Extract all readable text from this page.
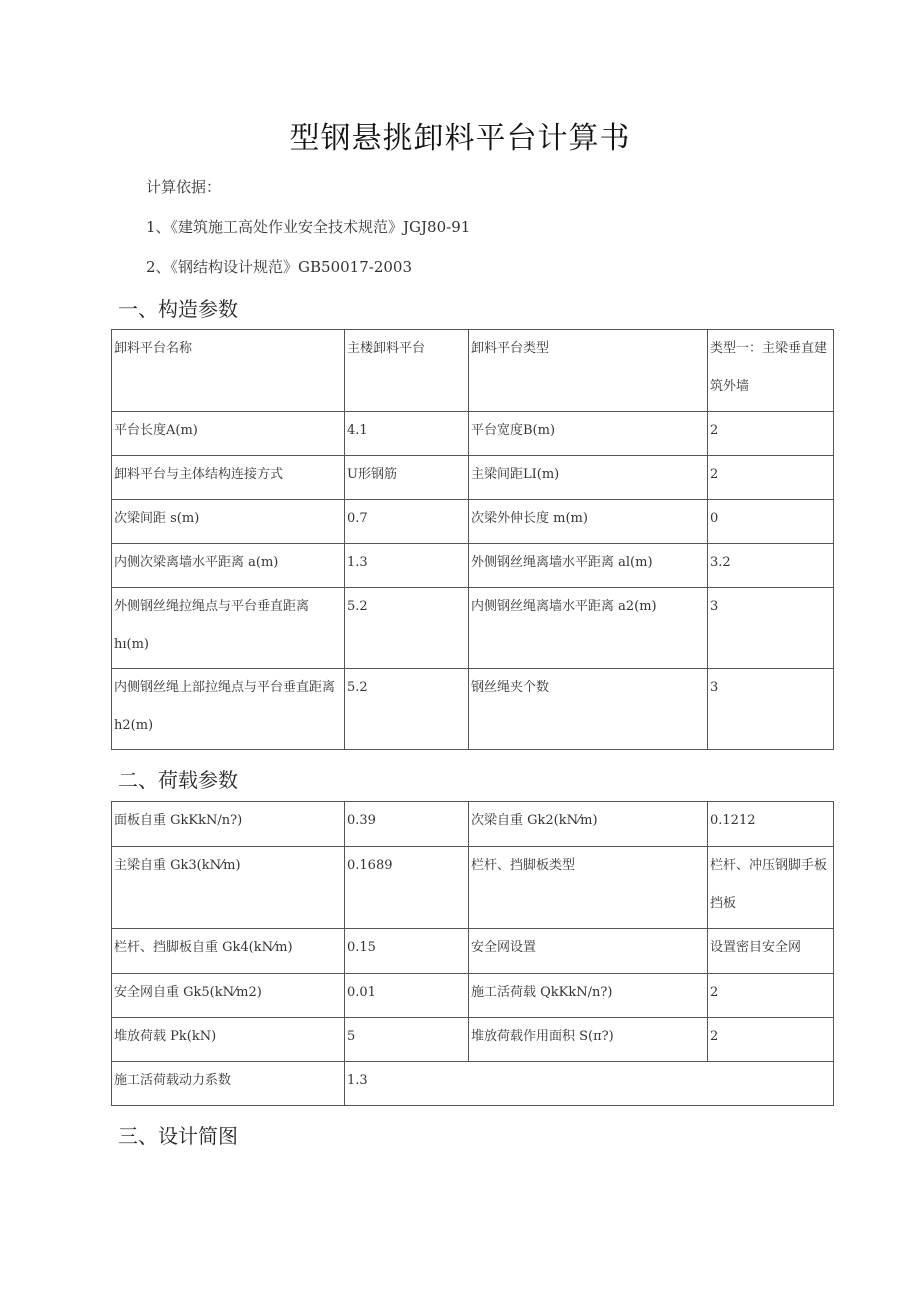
型钢悬挑卸料平台计算书
计算依据：
1、《建筑施工高处作业安全技术规范》JGJ80-91
2、《钢结构设计规范》GB50017-2003
一、构造参数
卸料平台名称	主楼卸料平台	卸料平台类型	类型一：主梁垂直建筑外墙
平台长度A(m)	4.1	平台宽度B(m)	2
卸料平台与主体结构连接方式	U形钢筋	主梁间距LI(m)	2
次梁间距 s(m)	0.7	次梁外伸长度 m(m)	0
内侧次梁离墙水平距离 a(m)	1.3	外侧钢丝绳离墙水平距离 al(m)	3.2
外侧钢丝绳拉绳点与平台垂直距离hı(m)	5.2	内侧钢丝绳离墙水平距离 a2(m)	3
内侧钢丝绳上部拉绳点与平台垂直距离 h2(m)	5.2	钢丝绳夹个数	3
二、荷载参数
面板自重 GkKkN/n?)	0.39	次梁自重 Gk2(kN⁄m)	0.1212
主梁自重 Gk3(kN⁄m)	0.1689	栏杆、挡脚板类型	栏杆、冲压钢脚手板挡板
栏杆、挡脚板自重 Gk4(kN⁄m)	0.15	安全网设置	设置密目安全网
安全网自重 Gk5(kN⁄m2)	0.01	施工活荷载 QkKkN/n?)	2
堆放荷载 Pk(kN)	5	堆放荷载作用面积 S(π?)	2
施工活荷载动力系数	1.3		
三、设计简图
